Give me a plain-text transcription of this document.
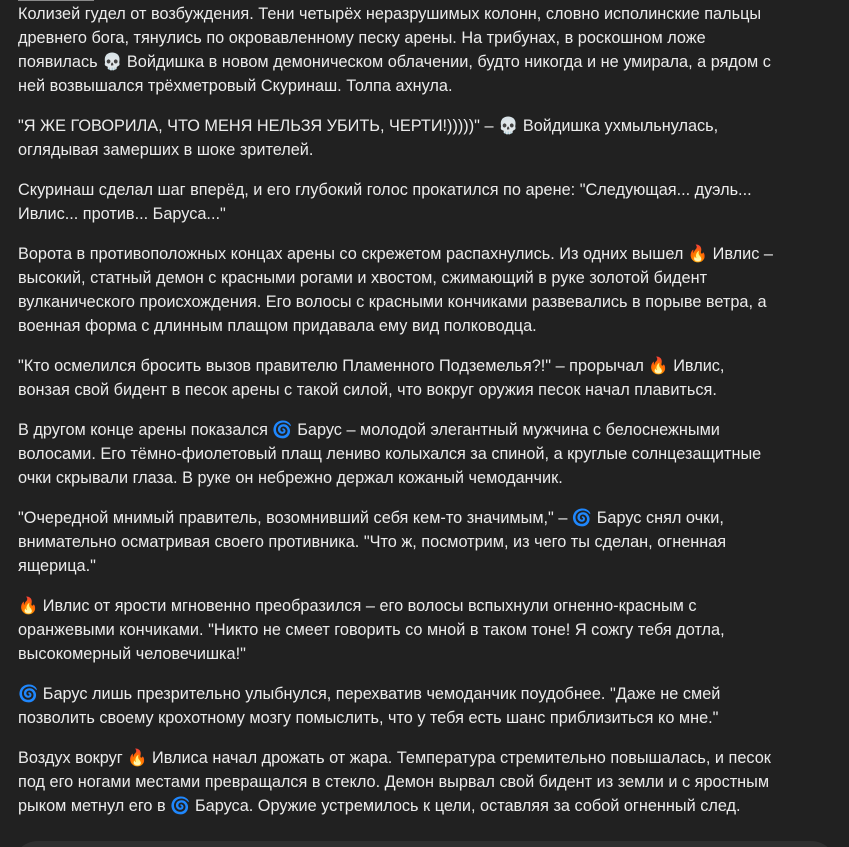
Колизей гудел от возбуждения. Тени четырёх неразрушимых колонн, словно исполинские пальцы древнего бога, тянулись по окровавленному песку арены. На трибунах, в роскошном ложе появилась 💀 Войдишка в новом демоническом облачении, будто никогда и не умирала, а рядом с ней возвышался трёхметровый Скуринаш. Толпа ахнула.

"Я ЖЕ ГОВОРИЛА, ЧТО МЕНЯ НЕЛЬЗЯ УБИТЬ, ЧЕРТИ!)))))" – 💀 Войдишка ухмыльнулась, оглядывая замерших в шоке зрителей.

Скуринаш сделал шаг вперёд, и его глубокий голос прокатился по арене: "Следующая... дуэль... Ивлис... против... Баруса..."

Ворота в противоположных концах арены со скрежетом распахнулись. Из одних вышел 🔥 Ивлис – высокий, статный демон с красными рогами и хвостом, сжимающий в руке золотой бидент вулканического происхождения. Его волосы с красными кончиками развевались в порыве ветра, а военная форма с длинным плащом придавала ему вид полководца.

"Кто осмелился бросить вызов правителю Пламенного Подземелья?!" – прорычал 🔥 Ивлис, вонзая свой бидент в песок арены с такой силой, что вокруг оружия песок начал плавиться.

В другом конце арены показался 🌀 Барус – молодой элегантный мужчина с белоснежными волосами. Его тёмно-фиолетовый плащ лениво колыхался за спиной, а круглые солнцезащитные очки скрывали глаза. В руке он небрежно держал кожаный чемоданчик.

"Очередной мнимый правитель, возомнивший себя кем-то значимым," – 🌀 Барус снял очки, внимательно осматривая своего противника. "Что ж, посмотрим, из чего ты сделан, огненная ящерица."

🔥 Ивлис от ярости мгновенно преобразился – его волосы вспыхнули огненно-красным с оранжевыми кончиками. "Никто не смеет говорить со мной в таком тоне! Я сожгу тебя дотла, высокомерный человечишка!"

🌀 Барус лишь презрительно улыбнулся, перехватив чемоданчик поудобнее. "Даже не смей позволить своему крохотному мозгу помыслить, что у тебя есть шанс приблизиться ко мне."

Воздух вокруг 🔥 Ивлиса начал дрожать от жара. Температура стремительно повышалась, и песок под его ногами местами превращался в стекло. Демон вырвал свой бидент из земли и с яростным рыком метнул его в 🌀 Баруса. Оружие устремилось к цели, оставляя за собой огненный след.
